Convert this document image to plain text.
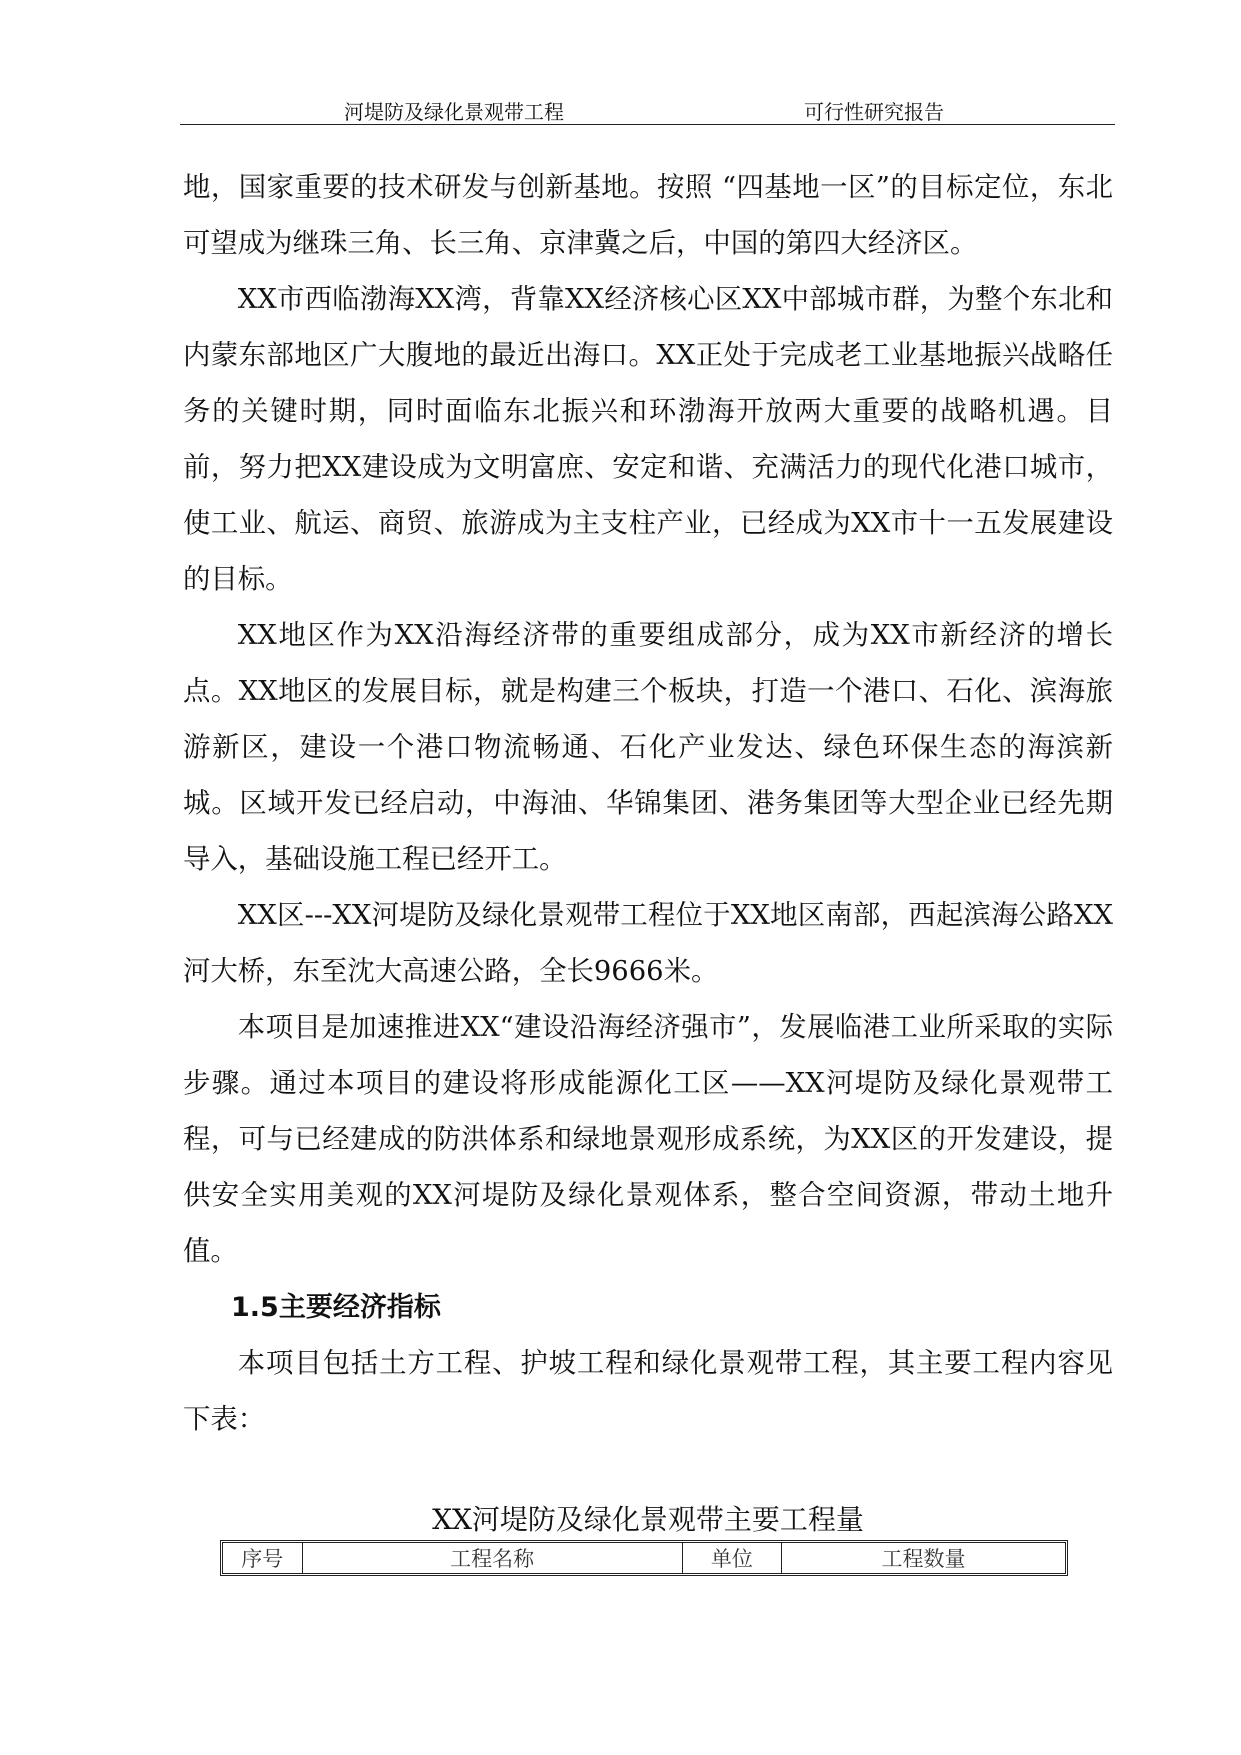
河堤防及绿化景观带工程	可行性研究报告

地，国家重要的技术研发与创新基地。按照 “四基地一区”的目标定位，东北可望成为继珠三角、长三角、京津冀之后，中国的第四大经济区。

XX市西临渤海XX湾，背靠XX经济核心区XX中部城市群，为整个东北和内蒙东部地区广大腹地的最近出海口。XX正处于完成老工业基地振兴战略任务的关键时期，同时面临东北振兴和环渤海开放两大重要的战略机遇。目前，努力把XX建设成为文明富庶、安定和谐、充满活力的现代化港口城市，使工业、航运、商贸、旅游成为主支柱产业，已经成为XX市十一五发展建设的目标。

XX地区作为XX沿海经济带的重要组成部分，成为XX市新经济的增长点。XX地区的发展目标，就是构建三个板块，打造一个港口、石化、滨海旅游新区，建设一个港口物流畅通、石化产业发达、绿色环保生态的海滨新城。区域开发已经启动，中海油、华锦集团、港务集团等大型企业已经先期导入，基础设施工程已经开工。

XX区---XX河堤防及绿化景观带工程位于XX地区南部，西起滨海公路XX河大桥，东至沈大高速公路，全长9666米。

本项目是加速推进XX“建设沿海经济强市”，发展临港工业所采取的实际步骤。通过本项目的建设将形成能源化工区——XX河堤防及绿化景观带工程，可与已经建成的防洪体系和绿地景观形成系统，为XX区的开发建设，提供安全实用美观的XX河堤防及绿化景观体系，整合空间资源，带动土地升值。

1.5主要经济指标

本项目包括土方工程、护坡工程和绿化景观带工程，其主要工程内容见下表：

XX河堤防及绿化景观带主要工程量
序号	工程名称	单位	工程数量
